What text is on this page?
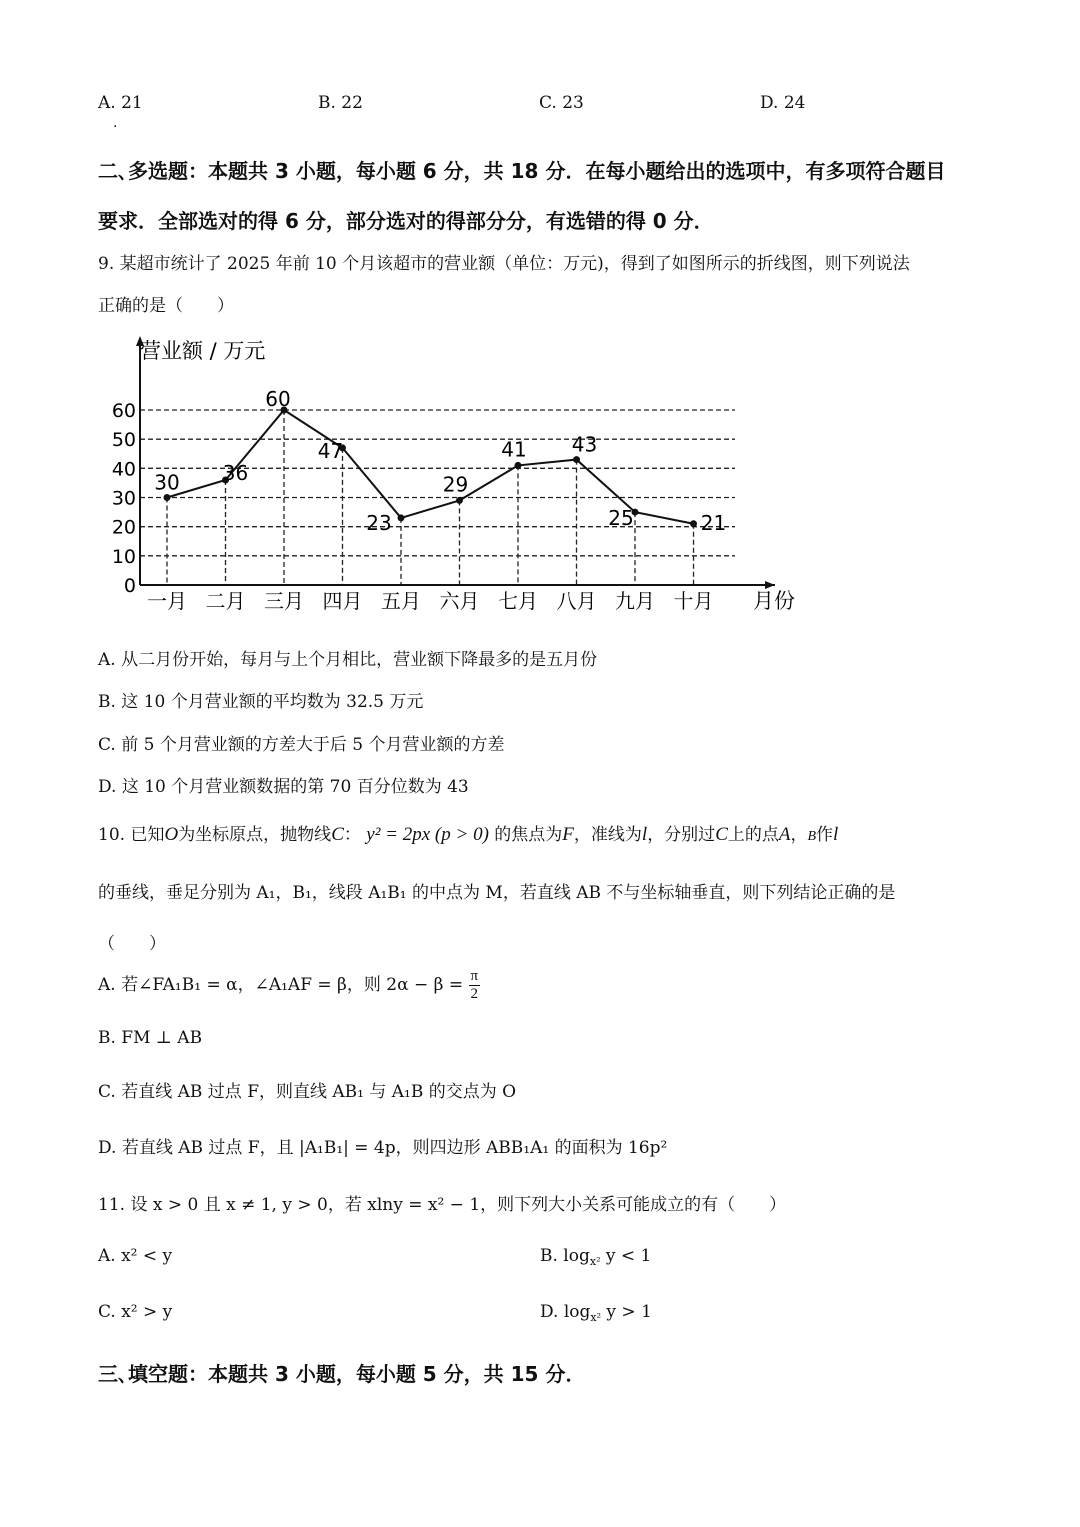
A. 21
·
B. 22	C. 23	D. 24
二､多选题：本题共 3 小题，每小题 6 分，共 18 分．在每小题给出的选项中，有多项符合题目
要求．全部选对的得 6 分，部分选对的得部分分，有选错的得 0 分．
9. 某超市统计了 2025 年前 10 个月该超市的营业额（单位：万元)，得到了如图所示的折线图，则下列说法
正确的是（　　）
0
10
20
30
40
50
60
一月 二月 三月 四月 五月 六月 七月 八月 九月 十月
30 36
60
47
23
29
41 43
25	21
营业额 / 万元
月份
A. 从二月份开始，每月与上个月相比，营业额下降最多的是五月份
B. 这 10 个月营业额的平均数为 32.5 万元
C. 前 5 个月营业额的方差大于后 5 个月营业额的方差
D. 这 10 个月营业额数据的第 70 百分位数为 43
10. 已知O为坐标原点，抛物线C： y² = 2px (p > 0) 的焦点为F，准线为l，分别过C上的点A，B作l
的垂线，垂足分别为 A₁，B₁，线段 A₁B₁ 的中点为 M，若直线 AB 不与坐标轴垂直，则下列结论正确的是
（　　）
A. 若∠FA₁B₁ = α，∠A₁AF = β，则 $2\alpha - \beta = \frac{\pi}{2}$
B. FM ⊥ AB
C. 若直线 AB 过点 F，则直线 AB₁ 与 A₁B 的交点为 O
D. 若直线 AB 过点 F，且 |A₁B₁| = 4p，则四边形 ABB₁A₁ 的面积为 16p²
11. 设 x > 0 且 x ≠ 1, y > 0，若 xlny = x² − 1，则下列大小关系可能成立的有（　　）
A. x² < y	B. $\log_{x^2} y < 1$
C. x² > y	D. $\log_{x^2} y > 1$
三､填空题：本题共 3 小题，每小题 5 分，共 15 分．
